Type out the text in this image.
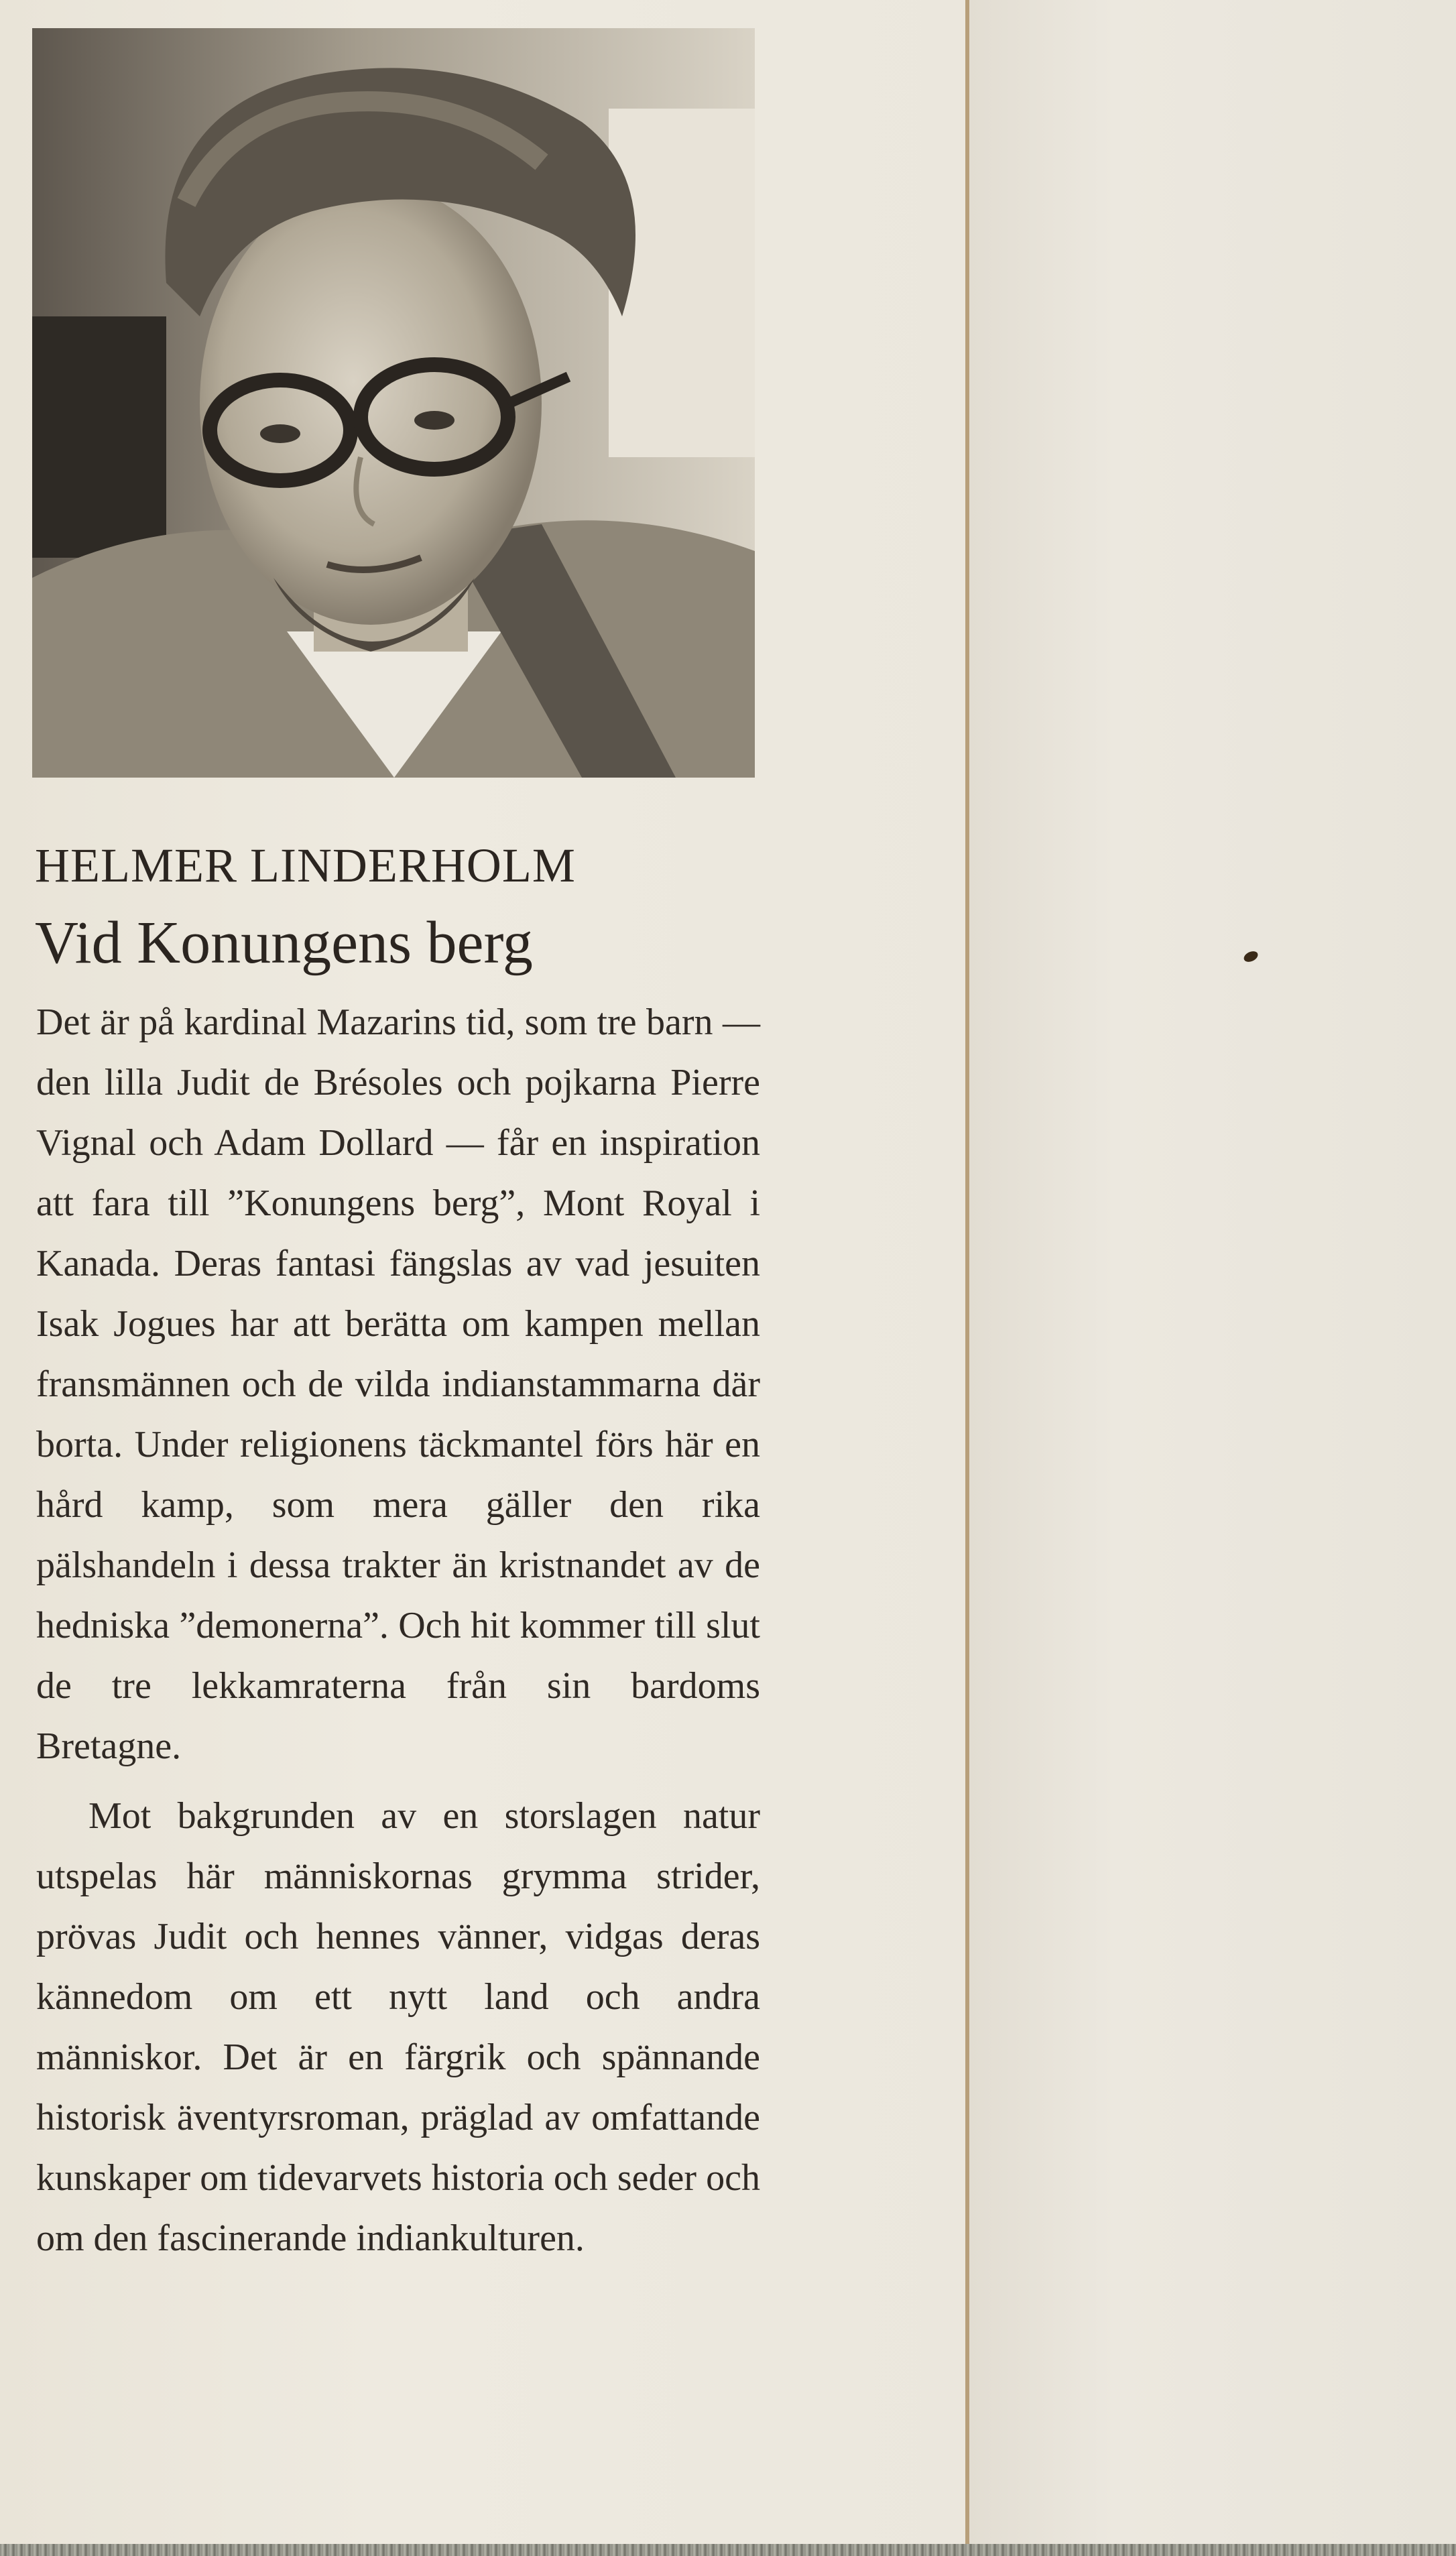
HELMER LINDERHOLM
Vid Konungens berg

Det är på kardinal Mazarins tid, som tre barn — den lilla Judit de Brésoles och pojkarna Pierre Vignal och Adam Dollard — får en inspiration att fara till ”Konungens berg”, Mont Royal i Kanada. Deras fantasi fängslas av vad jesuiten Isak Jogues har att berätta om kampen mellan fransmännen och de vilda indianstammarna där borta. Under religionens täckmantel förs här en hård kamp, som mera gäller den rika pälshandeln i dessa trakter än kristnandet av de hedniska ”demonerna”. Och hit kommer till slut de tre lekkamraterna från sin bardoms Bretagne.

Mot bakgrunden av en storslagen natur utspelas här människornas grymma strider, prövas Judit och hennes vänner, vidgas deras kännedom om ett nytt land och andra människor. Det är en färgrik och spännande historisk äventyrsroman, präglad av omfattande kunskaper om tidevarvets historia och seder och om den fascinerande indiankulturen.
